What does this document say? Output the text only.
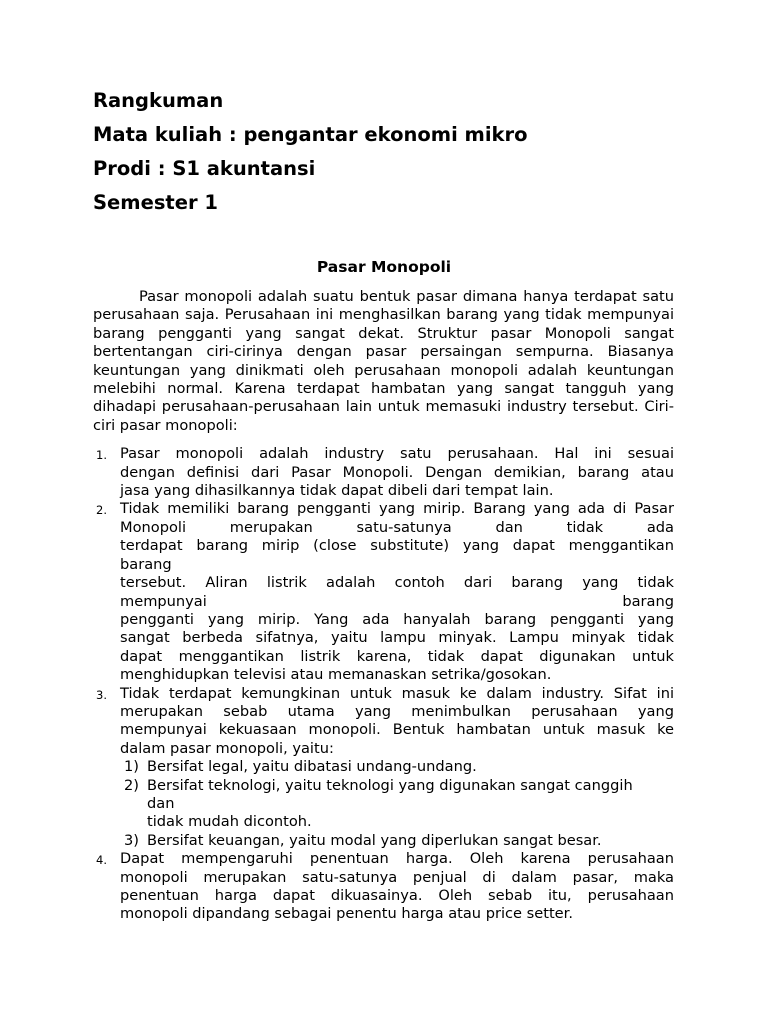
Rangkuman

Mata kuliah : pengantar ekonomi mikro

Prodi : S1 akuntansi

Semester 1

Pasar Monopoli

Pasar monopoli adalah suatu bentuk pasar dimana hanya terdapat satu perusahaan saja. Perusahaan ini menghasilkan barang yang tidak mempunyai barang pengganti yang sangat dekat. Struktur pasar Monopoli sangat bertentangan ciri-cirinya dengan pasar persaingan sempurna. Biasanya keuntungan yang dinikmati oleh perusahaan monopoli adalah keuntungan melebihi normal. Karena terdapat hambatan yang sangat tangguh yang dihadapi perusahaan-perusahaan lain untuk memasuki industry tersebut. Ciri- ciri pasar monopoli:

1. Pasar monopoli adalah industry satu perusahaan. Hal ini sesuai
dengan definisi dari Pasar Monopoli. Dengan demikian, barang atau
jasa yang dihasilkannya tidak dapat dibeli dari tempat lain.
2. Tidak memiliki barang pengganti yang mirip. Barang yang ada di Pasar
Monopoli merupakan satu-satunya dan tidak ada
terdapat barang mirip (close substitute) yang dapat menggantikan
barang
tersebut. Aliran listrik adalah contoh dari barang yang tidak
mempunyai barang
pengganti yang mirip. Yang ada hanyalah barang pengganti yang
sangat berbeda sifatnya, yaitu lampu minyak. Lampu minyak tidak
dapat menggantikan listrik karena, tidak dapat digunakan untuk
menghidupkan televisi atau memanaskan setrika/gosokan.
3. Tidak terdapat kemungkinan untuk masuk ke dalam industry. Sifat ini
merupakan sebab utama yang menimbulkan perusahaan yang
mempunyai kekuasaan monopoli. Bentuk hambatan untuk masuk ke
dalam pasar monopoli, yaitu:
1) Bersifat legal, yaitu dibatasi undang-undang.
2) Bersifat teknologi, yaitu teknologi yang digunakan sangat canggih
dan
tidak mudah dicontoh.
3) Bersifat keuangan, yaitu modal yang diperlukan sangat besar.
4. Dapat mempengaruhi penentuan harga. Oleh karena perusahaan
monopoli merupakan satu-satunya penjual di dalam pasar, maka
penentuan harga dapat dikuasainya. Oleh sebab itu, perusahaan
monopoli dipandang sebagai penentu harga atau price setter.
